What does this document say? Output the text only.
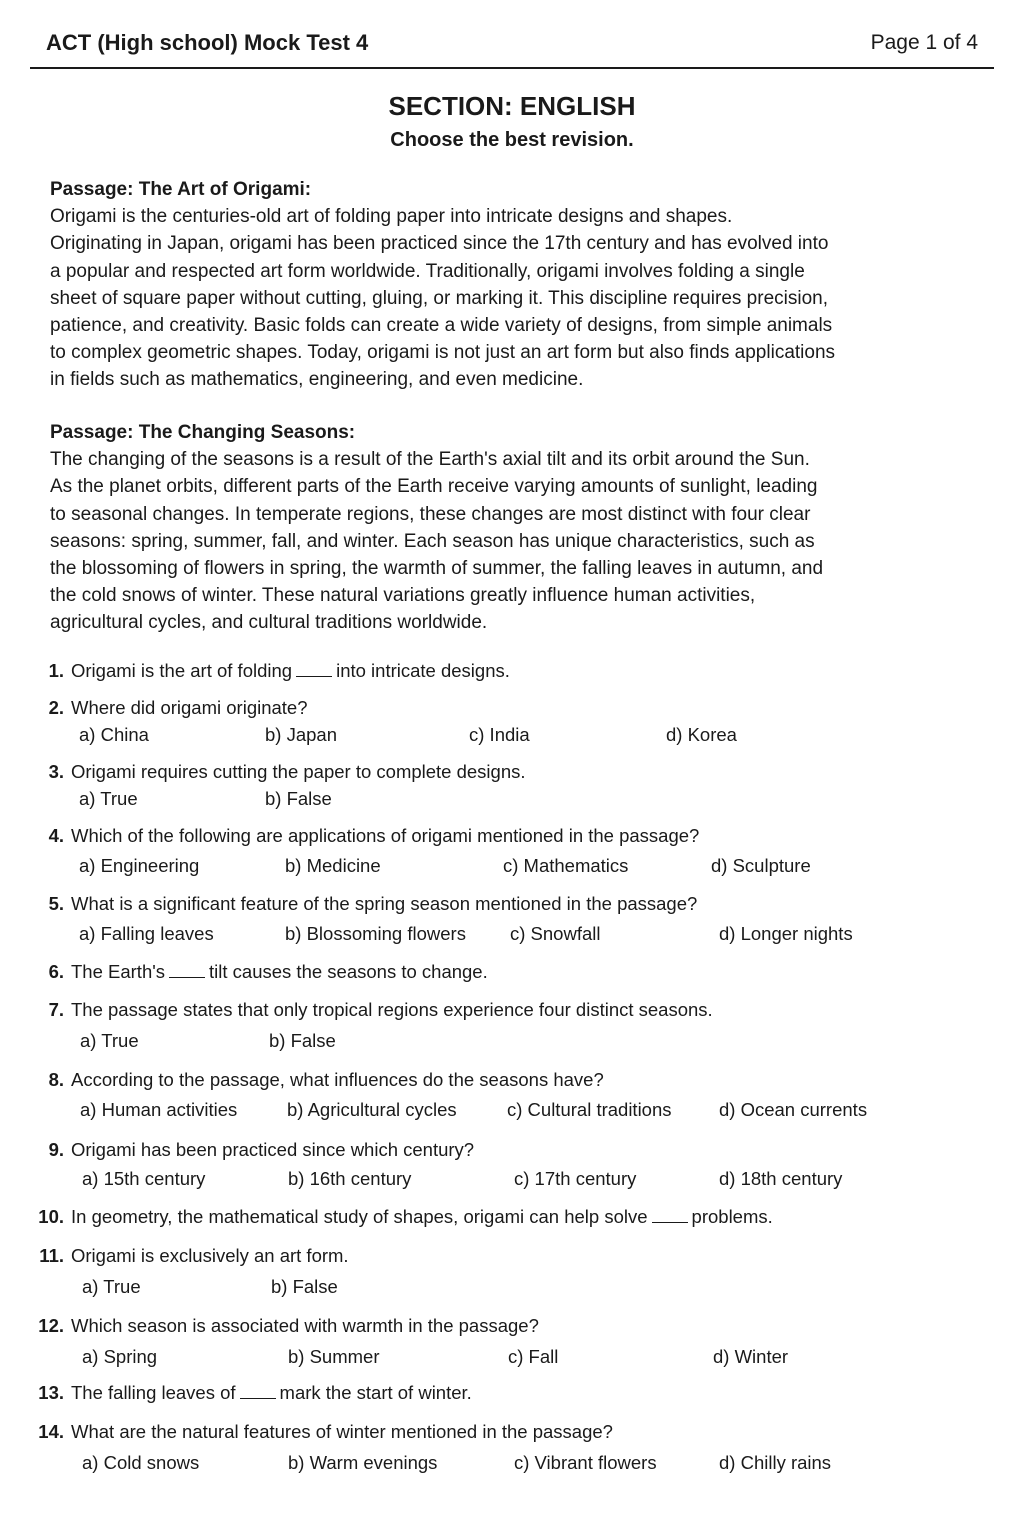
ACT (High school) Mock Test 4	Page 1 of 4
SECTION: ENGLISH
Choose the best revision.
Passage: The Art of Origami:
Origami is the centuries-old art of folding paper into intricate designs and shapes.
Originating in Japan, origami has been practiced since the 17th century and has evolved into
a popular and respected art form worldwide. Traditionally, origami involves folding a single
sheet of square paper without cutting, gluing, or marking it. This discipline requires precision,
patience, and creativity. Basic folds can create a wide variety of designs, from simple animals
to complex geometric shapes. Today, origami is not just an art form but also finds applications
in fields such as mathematics, engineering, and even medicine.
Passage: The Changing Seasons:
The changing of the seasons is a result of the Earth's axial tilt and its orbit around the Sun.
As the planet orbits, different parts of the Earth receive varying amounts of sunlight, leading
to seasonal changes. In temperate regions, these changes are most distinct with four clear
seasons: spring, summer, fall, and winter. Each season has unique characteristics, such as
the blossoming of flowers in spring, the warmth of summer, the falling leaves in autumn, and
the cold snows of winter. These natural variations greatly influence human activities,
agricultural cycles, and cultural traditions worldwide.
1. Origami is the art of folding into intricate designs.
2. Where did origami originate?
a) China	b) Japan	c) India	d) Korea
3. Origami requires cutting the paper to complete designs.
a) True	b) False
4. Which of the following are applications of origami mentioned in the passage?
a) Engineering	b) Medicine	c) Mathematics	d) Sculpture
5. What is a significant feature of the spring season mentioned in the passage?
a) Falling leaves	b) Blossoming flowers c) Snowfall	d) Longer nights
6. The Earth's tilt causes the seasons to change.
7. The passage states that only tropical regions experience four distinct seasons.
a) True	b) False
8. According to the passage, what influences do the seasons have?
a) Human activities	b) Agricultural cycles	c) Cultural traditions	d) Ocean currents
9. Origami has been practiced since which century?
a) 15th century	b) 16th century	c) 17th century	d) 18th century
10. In geometry, the mathematical study of shapes, origami can help solve problems.
11. Origami is exclusively an art form.
a) True	b) False
12. Which season is associated with warmth in the passage?
a) Spring	b) Summer	c) Fall	d) Winter
13. The falling leaves of mark the start of winter.
14. What are the natural features of winter mentioned in the passage?
a) Cold snows	b) Warm evenings	c) Vibrant flowers	d) Chilly rains
